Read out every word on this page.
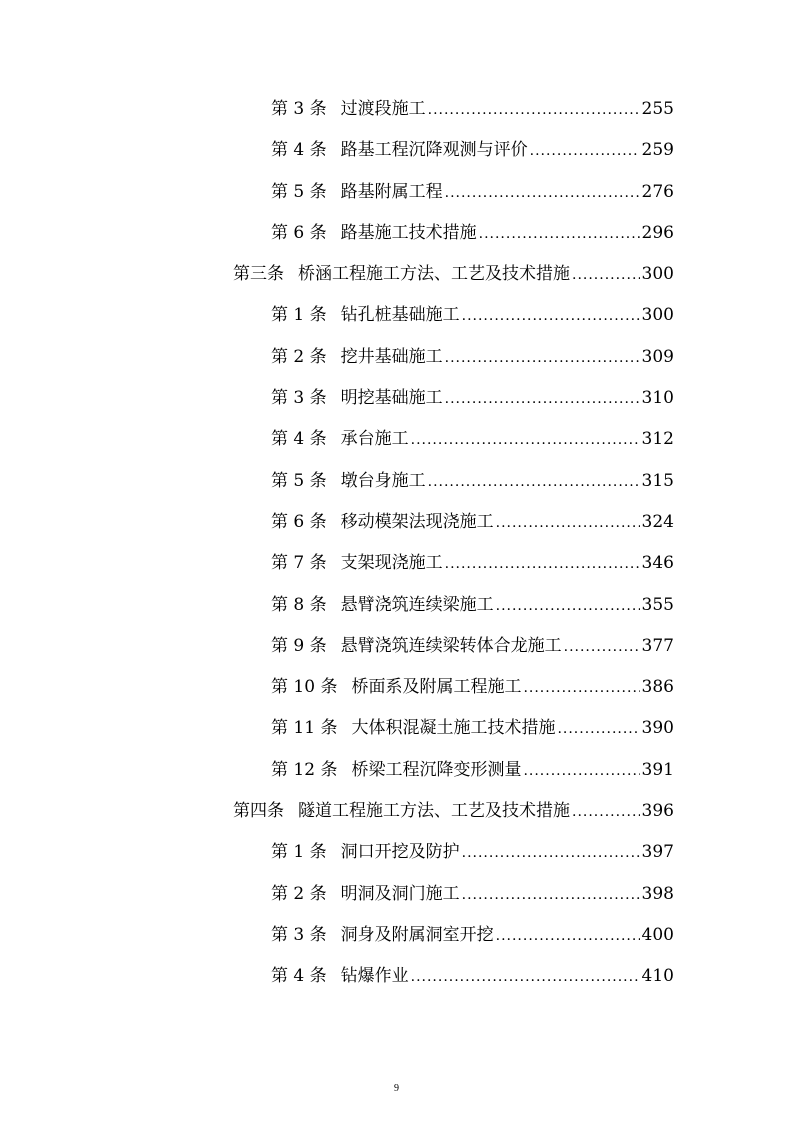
第 3 条 过渡段施工 .....	255
第 4 条 路基工程沉降观测与评价 .....	259
第 5 条 路基附属工程 .....	276
第 6 条 路基施工技术措施 .....	296
第三条 桥涵工程施工方法、工艺及技术措施 .....	300
第 1 条 钻孔桩基础施工 .....	300
第 2 条 挖井基础施工 .....	309
第 3 条 明挖基础施工 .....	310
第 4 条 承台施工 .....	312
第 5 条 墩台身施工 .....	315
第 6 条 移动模架法现浇施工 .....	324
第 7 条 支架现浇施工 .....	346
第 8 条 悬臂浇筑连续梁施工 .....	355
第 9 条 悬臂浇筑连续梁转体合龙施工 .....	377
第 10 条 桥面系及附属工程施工 .....	386
第 11 条 大体积混凝土施工技术措施 .....	390
第 12 条 桥梁工程沉降变形测量 .....	391
第四条 隧道工程施工方法、工艺及技术措施 .....	396
第 1 条 洞口开挖及防护 .....	397
第 2 条 明洞及洞门施工 .....	398
第 3 条 洞身及附属洞室开挖 .....	400
第 4 条 钻爆作业 .....	410
9
